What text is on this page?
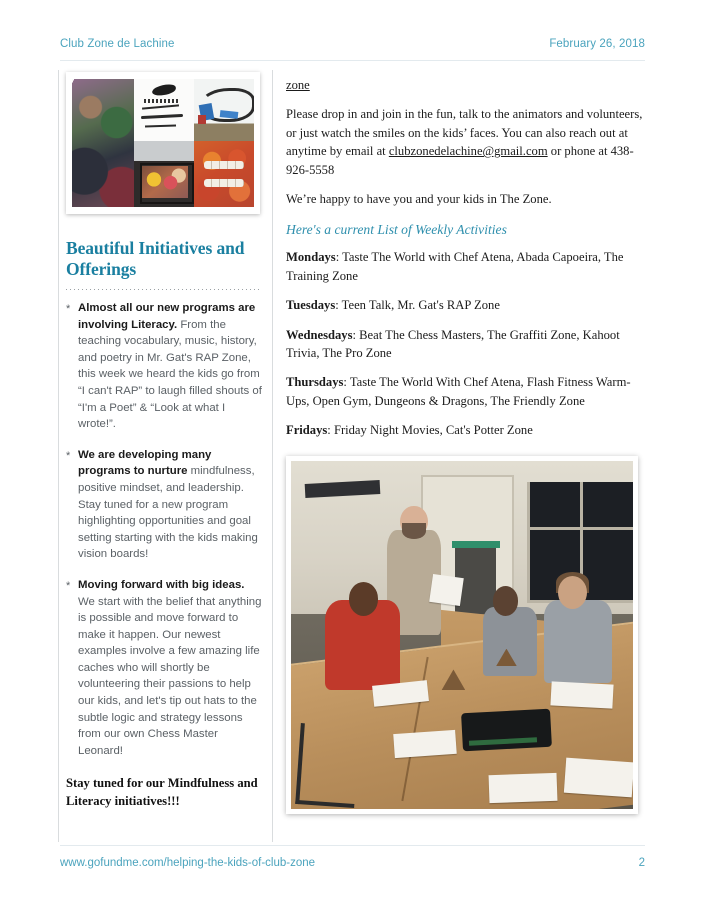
Club Zone de Lachine	February 26, 2018
Beautiful Initiatives and Offerings
* Almost all our new programs are involving Literacy. From the teaching vocabulary, music, history, and poetry in Mr. Gat's RAP Zone, this week we heard the kids go from “I can't RAP” to laugh filled shouts of “I'm a Poet” & “Look at what I wrote!”.
* We are developing many programs to nurture mindfulness, positive mindset, and leadership. Stay tuned for a new program highlighting opportunities and goal setting starting with the kids making vision boards!
* Moving forward with big ideas. We start with the belief that anything is possible and move forward to make it happen. Our newest examples involve a few amazing life caches who will shortly be volunteering their passions to help our kids, and let's tip out hats to the subtle logic and strategy lessons from our own Chess Master Leonard!
Stay tuned for our Mindfulness and Literacy initiatives!!!

zone

Please drop in and join in the fun, talk to the animators and volunteers, or just watch the smiles on the kids’ faces. You can also reach out at anytime by email at clubzonedelachine@gmail.com or phone at 438-926-5558

We’re happy to have you and your kids in The Zone.

Here's a current List of Weekly Activities

Mondays: Taste The World with Chef Atena, Abada Capoeira, The Training Zone

Tuesdays: Teen Talk, Mr. Gat's RAP Zone

Wednesdays: Beat The Chess Masters, The Graffiti Zone, Kahoot Trivia, The Pro Zone

Thursdays: Taste The World With Chef Atena, Flash Fitness Warm-Ups, Open Gym, Dungeons & Dragons, The Friendly Zone

Fridays: Friday Night Movies, Cat's Potter Zone

www.gofundme.com/helping-the-kids-of-club-zone	2
